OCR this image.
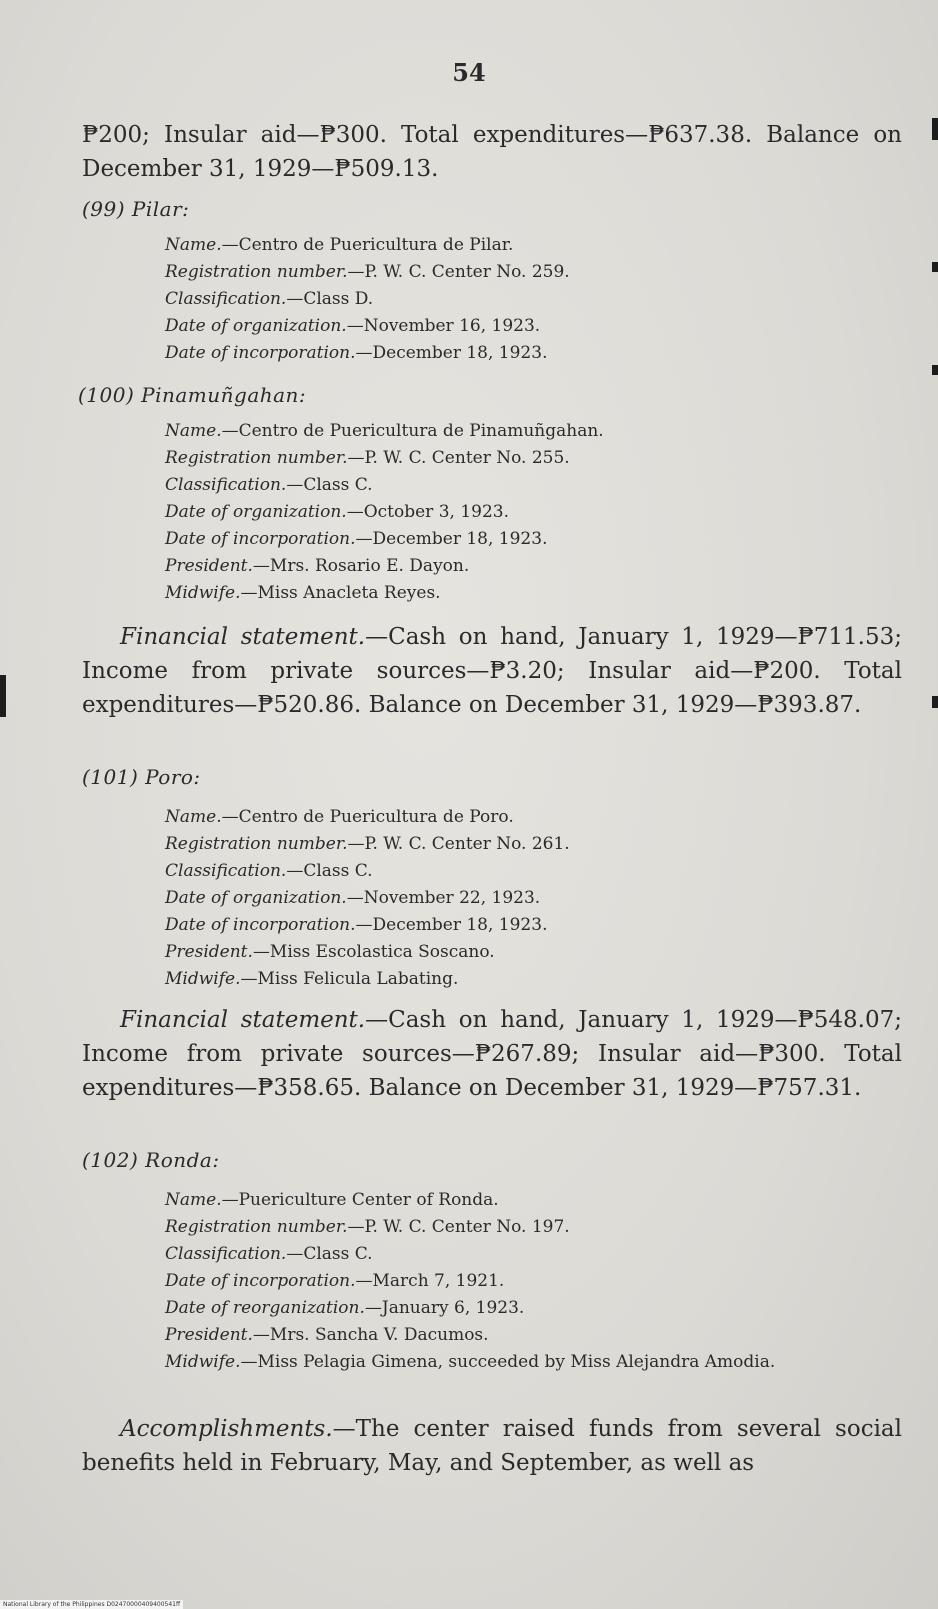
54
₱200; Insular aid—₱300. Total expenditures—₱637.38. Balance on December 31, 1929—₱509.13.
(99) Pilar:
Name.—Centro de Puericultura de Pilar.
Registration number.—P. W. C. Center No. 259.
Classification.—Class D.
Date of organization.—November 16, 1923.
Date of incorporation.—December 18, 1923.
(100) Pinamuñgahan:
Name.—Centro de Puericultura de Pinamuñgahan.
Registration number.—P. W. C. Center No. 255.
Classification.—Class C.
Date of organization.—October 3, 1923.
Date of incorporation.—December 18, 1923.
President.—Mrs. Rosario E. Dayon.
Midwife.—Miss Anacleta Reyes.
Financial statement.—Cash on hand, January 1, 1929—₱711.53; Income from private sources—₱3.20; Insular aid—₱200. Total expenditures—₱520.86. Balance on December 31, 1929—₱393.87.
(101) Poro:
Name.—Centro de Puericultura de Poro.
Registration number.—P. W. C. Center No. 261.
Classification.—Class C.
Date of organization.—November 22, 1923.
Date of incorporation.—December 18, 1923.
President.—Miss Escolastica Soscano.
Midwife.—Miss Felicula Labating.
Financial statement.—Cash on hand, January 1, 1929—₱548.07; Income from private sources—₱267.89; Insular aid—₱300. Total expenditures—₱358.65. Balance on December 31, 1929—₱757.31.
(102) Ronda:
Name.—Puericulture Center of Ronda.
Registration number.—P. W. C. Center No. 197.
Classification.—Class C.
Date of incorporation.—March 7, 1921.
Date of reorganization.—January 6, 1923.
President.—Mrs. Sancha V. Dacumos.
Midwife.—Miss Pelagia Gimena, succeeded by Miss Alejandra Amodia.
Accomplishments.—The center raised funds from several social benefits held in February, May, and September, as well as
National Library of the Philippines D02470000409400541ff
